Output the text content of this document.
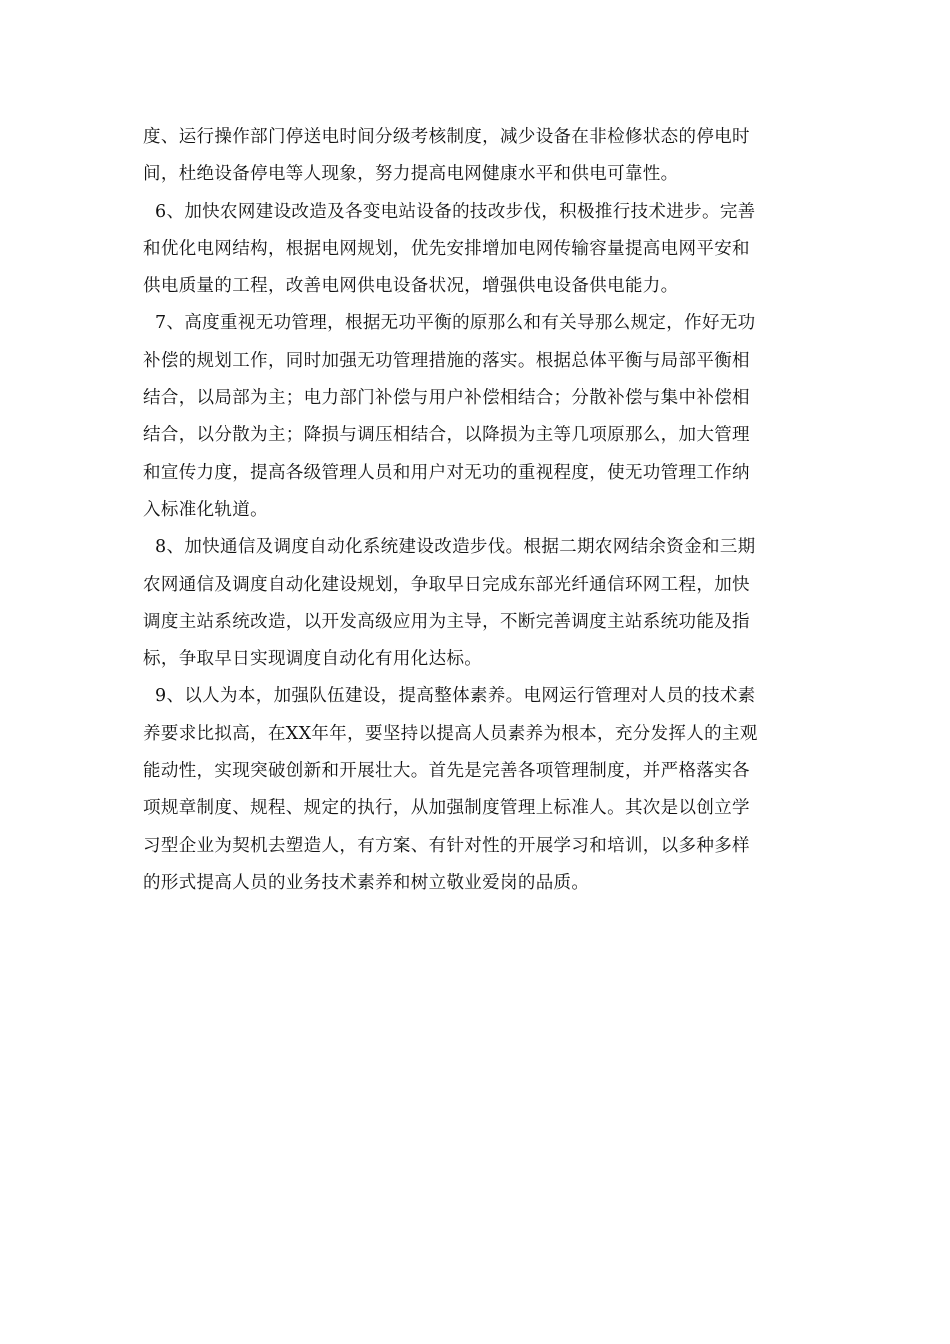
度、运行操作部门停送电时间分级考核制度，减少设备在非检修状态的停电时
间，杜绝设备停电等人现象，努力提高电网健康水平和供电可靠性。
6、加快农网建设改造及各变电站设备的技改步伐，积极推行技术进步。完善
和优化电网结构，根据电网规划，优先安排增加电网传输容量提高电网平安和
供电质量的工程，改善电网供电设备状况，增强供电设备供电能力。
7、高度重视无功管理，根据无功平衡的原那么和有关导那么规定，作好无功
补偿的规划工作，同时加强无功管理措施的落实。根据总体平衡与局部平衡相
结合，以局部为主；电力部门补偿与用户补偿相结合；分散补偿与集中补偿相
结合，以分散为主；降损与调压相结合，以降损为主等几项原那么，加大管理
和宣传力度，提高各级管理人员和用户对无功的重视程度，使无功管理工作纳
入标准化轨道。
8、加快通信及调度自动化系统建设改造步伐。根据二期农网结余资金和三期
农网通信及调度自动化建设规划，争取早日完成东部光纤通信环网工程，加快
调度主站系统改造，以开发高级应用为主导，不断完善调度主站系统功能及指
标，争取早日实现调度自动化有用化达标。
9、以人为本，加强队伍建设，提高整体素养。电网运行管理对人员的技术素
养要求比拟高，在XX年年，要坚持以提高人员素养为根本，充分发挥人的主观
能动性，实现突破创新和开展壮大。首先是完善各项管理制度，并严格落实各
项规章制度、规程、规定的执行，从加强制度管理上标准人。其次是以创立学
习型企业为契机去塑造人，有方案、有针对性的开展学习和培训，以多种多样
的形式提高人员的业务技术素养和树立敬业爱岗的品质。
